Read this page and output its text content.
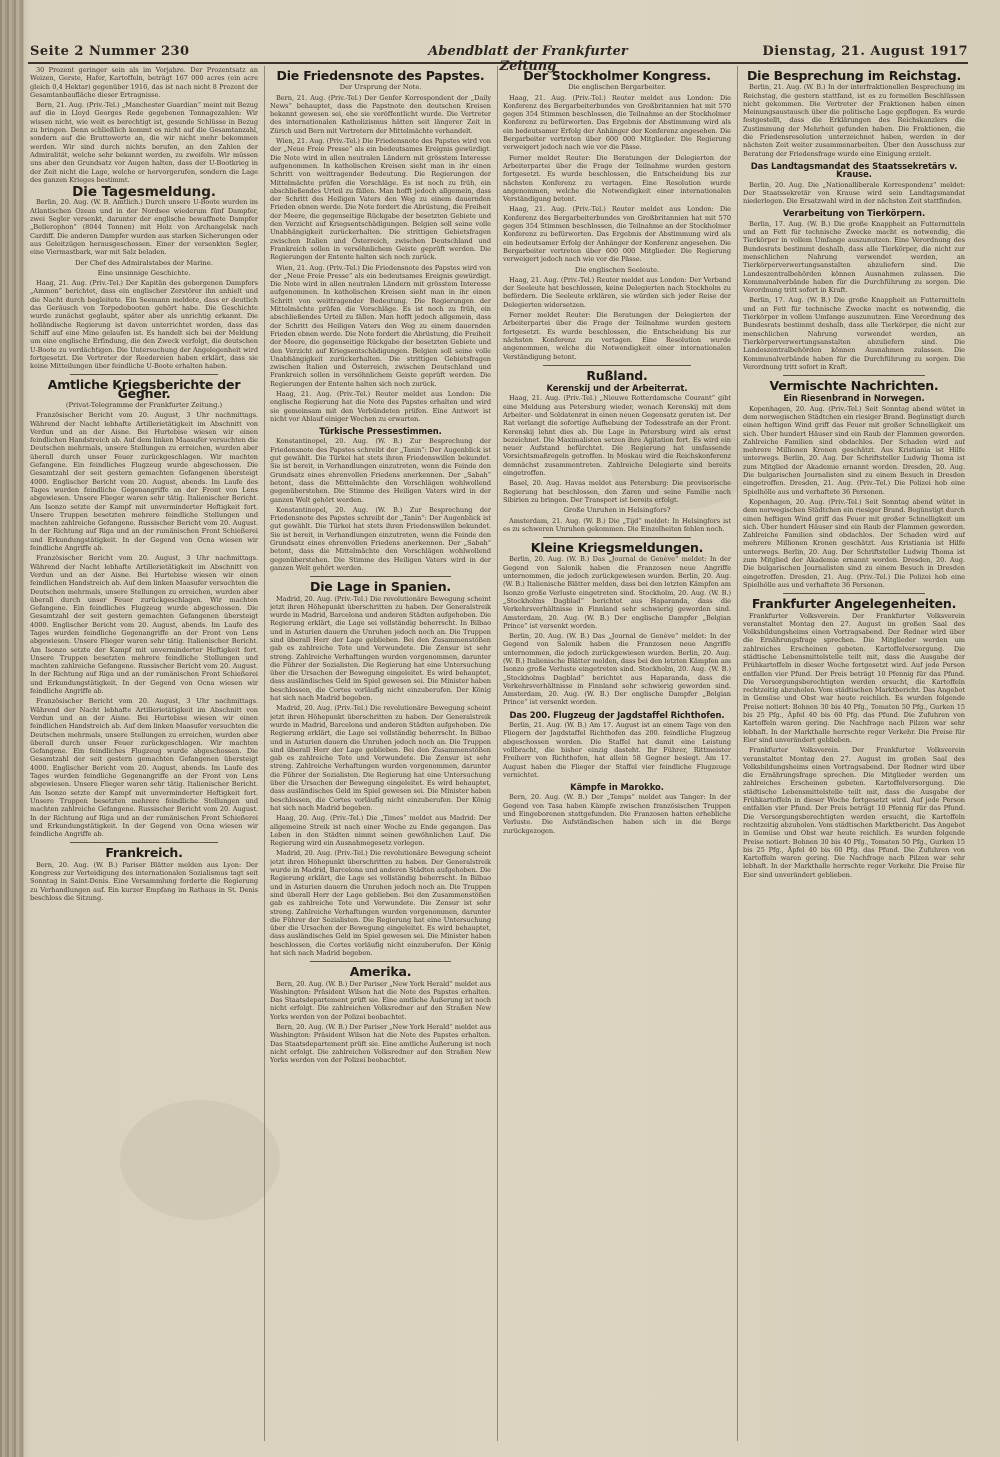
Seite 2 Nummer 230	Abendblatt der Frankfurter Zeitung
Dienstag, 21. August 1917

30 Prozent geringer sein als im Vorjahre. Der Prozentsatz an Weizen, Gerste, Hafer, Kartoffeln, beträgt 167 000 acres (ein acre gleich 0,4 Hektar) gegenüber 1916, das ist nach nicht 8 Prozent der Gesamtanbaufläche dieser Ertragnisse.

Bern, 21. Aug. (Priv.-Tel.) „Manchester Guardian“ meint mit Bezug auf die in Lloyd Georges Rede gegebenen Tonnagezahlen: Wir wissen nicht, wie weit es berechtigt ist, gesunde Schlüsse in Bezug zu bringen. Denn schließlich kommt es nicht auf die Gesamtanzahl, sondern auf die Bruttowerte an, die wir nicht mehr bekommen werden. Wir sind durch nichts berufen, an den Zahlen der Admiralität, welche sehr bekannt werden, zu zweifeln. Wir müssen uns aber den Grundsatz vor Augen halten, dass der U-Bootkrieg in der Zeit nicht die Lage, welche er hervorgerufen, sondern die Lage des ganzen Krieges bestimmt.

Die Tagesmeldung.

Berlin, 20. Aug. (W. B. Amtlich.) Durch unsere U-Boote wurden im Atlantischen Ozean und in der Nordsee wiederum fünf Dampfer, zwei Segler versenkt, darunter der englische bewaffnete Dampfer „Bellerophon“ (8044 Tonnen) mit Holz von Archangelsk nach Cardiff. Die anderen Dampfer wurden aus starken Sicherungen oder aus Geleitzügen herausgeschossen. Einer der versenkten Segler, eine Viermastbark, war mit Salz beladen.

Der Chef des Admiralstabes der Marine.
Eine unsinnige Geschichte.

Haag, 21. Aug. (Priv.-Tel.) Der Kapitän des geborgenen Dampfers „Ammon“ berichtet, dass ein englischer Zerstörer ihn anhielt und die Nacht durch begleitete. Ein Seemann meldete, dass er deutlich das Geräusch von Torpedobooten gehört habe. Die Geschichte wurde zunächst geglaubt, später aber als unrichtig erkannt. Die holländische Regierung ist davon unterrichtet worden, dass das Schiff auf eine Mine gelaufen ist. Es handelt sich bei der Meldung um eine englische Erfindung, die den Zweck verfolgt, die deutschen U-Boote zu verdächtigen. Die Untersuchung der Angelegenheit wird fortgesetzt. Die Vertreter der Reedereien haben erklärt, dass sie keine Mitteilungen über feindliche U-Boote erhalten haben.

Amtliche Kriegsberichte der Gegner.
(Privat-Telegramme der Frankfurter Zeitung.)

Französischer Bericht vom 20. August, 3 Uhr nachmittags. Während der Nacht lebhafte Artillerietätigkeit im Abschnitt von Verdun und an der Aisne. Bei Hurtebise wiesen wir einen feindlichen Handstreich ab. Auf dem linken Maasufer versuchten die Deutschen mehrmals, unsere Stellungen zu erreichen, wurden aber überall durch unser Feuer zurückgeschlagen. Wir machten Gefangene. Ein feindliches Flugzeug wurde abgeschossen. Die Gesamtzahl der seit gestern gemachten Gefangenen übersteigt 4000. Englischer Bericht vom 20. August, abends. Im Laufe des Tages wurden feindliche Gegenangriffe an der Front von Lens abgewiesen. Unsere Flieger waren sehr tätig. Italienischer Bericht. Am Isonzo setzte der Kampf mit unverminderter Heftigkeit fort. Unsere Truppen besetzten mehrere feindliche Stellungen und machten zahlreiche Gefangene. Russischer Bericht vom 20. August. In der Richtung auf Riga und an der rumänischen Front Schießerei und Erkundungstätigkeit. In der Gegend von Ocna wiesen wir feindliche Angriffe ab.

Französischer Bericht vom 20. August, 3 Uhr nachmittags. Während der Nacht lebhafte Artillerietätigkeit im Abschnitt von Verdun und an der Aisne. Bei Hurtebise wiesen wir einen feindlichen Handstreich ab. Auf dem linken Maasufer versuchten die Deutschen mehrmals, unsere Stellungen zu erreichen, wurden aber überall durch unser Feuer zurückgeschlagen. Wir machten Gefangene. Ein feindliches Flugzeug wurde abgeschossen. Die Gesamtzahl der seit gestern gemachten Gefangenen übersteigt 4000. Englischer Bericht vom 20. August, abends. Im Laufe des Tages wurden feindliche Gegenangriffe an der Front von Lens abgewiesen. Unsere Flieger waren sehr tätig. Italienischer Bericht. Am Isonzo setzte der Kampf mit unverminderter Heftigkeit fort. Unsere Truppen besetzten mehrere feindliche Stellungen und machten zahlreiche Gefangene. Russischer Bericht vom 20. August. In der Richtung auf Riga und an der rumänischen Front Schießerei und Erkundungstätigkeit. In der Gegend von Ocna wiesen wir feindliche Angriffe ab.

Französischer Bericht vom 20. August, 3 Uhr nachmittags. Während der Nacht lebhafte Artillerietätigkeit im Abschnitt von Verdun und an der Aisne. Bei Hurtebise wiesen wir einen feindlichen Handstreich ab. Auf dem linken Maasufer versuchten die Deutschen mehrmals, unsere Stellungen zu erreichen, wurden aber überall durch unser Feuer zurückgeschlagen. Wir machten Gefangene. Ein feindliches Flugzeug wurde abgeschossen. Die Gesamtzahl der seit gestern gemachten Gefangenen übersteigt 4000. Englischer Bericht vom 20. August, abends. Im Laufe des Tages wurden feindliche Gegenangriffe an der Front von Lens abgewiesen. Unsere Flieger waren sehr tätig. Italienischer Bericht. Am Isonzo setzte der Kampf mit unverminderter Heftigkeit fort. Unsere Truppen besetzten mehrere feindliche Stellungen und machten zahlreiche Gefangene. Russischer Bericht vom 20. August. In der Richtung auf Riga und an der rumänischen Front Schießerei und Erkundungstätigkeit. In der Gegend von Ocna wiesen wir feindliche Angriffe ab.

Frankreich.

Bern, 20. Aug. (W. B.) Pariser Blätter melden aus Lyon: Der Kongress zur Verteidigung des internationalen Sozialismus tagt seit Sonntag in Saint-Denis. Eine Versammlung forderte die Regierung zu Verhandlungen auf. Ein kurzer Empfang im Rathaus in St. Denis beschloss die Sitzung.

Die Friedensnote des Papstes.
Der Ursprung der Note.

Bern, 21. Aug. (Priv.-Tel.) Der Genfer Korrespondent der „Daily News“ behauptet, dass die Papstnote den deutschen Kreisen bekannt gewesen sei, ehe sie veröffentlicht wurde. Die Vertreter des internationalen Katholizismus hätten seit längerer Zeit in Zürich und Bern mit Vertretern der Mittelmächte verhandelt.

Wien, 21. Aug. (Priv.-Tel.) Die Friedensnote des Papstes wird von der „Neue Freie Presse“ als ein bedeutsames Ereignis gewürdigt. Die Note wird in allen neutralen Ländern mit grösstem Interesse aufgenommen. In katholischen Kreisen sieht man in ihr einen Schritt von weittragender Bedeutung. Die Regierungen der Mittelmächte prüfen die Vorschläge. Es ist noch zu früh, ein abschließendes Urteil zu fällen. Man hofft jedoch allgemein, dass der Schritt des Heiligen Vaters den Weg zu einem dauernden Frieden ebnen werde. Die Note fordert die Abrüstung, die Freiheit der Meere, die gegenseitige Rückgabe der besetzten Gebiete und den Verzicht auf Kriegsentschädigungen. Belgien soll seine volle Unabhängigkeit zurückerhalten. Die strittigen Gebietsfragen zwischen Italien und Österreich, zwischen Deutschland und Frankreich sollen in versöhnlichem Geiste geprüft werden. Die Regierungen der Entente halten sich noch zurück.

Wien, 21. Aug. (Priv.-Tel.) Die Friedensnote des Papstes wird von der „Neue Freie Presse“ als ein bedeutsames Ereignis gewürdigt. Die Note wird in allen neutralen Ländern mit grösstem Interesse aufgenommen. In katholischen Kreisen sieht man in ihr einen Schritt von weittragender Bedeutung. Die Regierungen der Mittelmächte prüfen die Vorschläge. Es ist noch zu früh, ein abschließendes Urteil zu fällen. Man hofft jedoch allgemein, dass der Schritt des Heiligen Vaters den Weg zu einem dauernden Frieden ebnen werde. Die Note fordert die Abrüstung, die Freiheit der Meere, die gegenseitige Rückgabe der besetzten Gebiete und den Verzicht auf Kriegsentschädigungen. Belgien soll seine volle Unabhängigkeit zurückerhalten. Die strittigen Gebietsfragen zwischen Italien und Österreich, zwischen Deutschland und Frankreich sollen in versöhnlichem Geiste geprüft werden. Die Regierungen der Entente halten sich noch zurück.

Haag, 21. Aug. (Priv.-Tel.) Reuter meldet aus London: Die englische Regierung hat die Note des Papstes erhalten und wird sie gemeinsam mit den Verbündeten prüfen. Eine Antwort ist nicht vor Ablauf einiger Wochen zu erwarten.

Türkische Pressestimmen.

Konstantinopel, 20. Aug. (W. B.) Zur Besprechung der Friedensnote des Papstes schreibt der „Tanin“: Der Augenblick ist gut gewählt. Die Türkei hat stets ihren Friedenswillen bekundet. Sie ist bereit, in Verhandlungen einzutreten, wenn die Feinde den Grundsatz eines ehrenvollen Friedens anerkennen. Der „Sabah“ betont, dass die Mittelmächte den Vorschlägen wohlwollend gegenüberstehen. Die Stimme des Heiligen Vaters wird in der ganzen Welt gehört werden.

Konstantinopel, 20. Aug. (W. B.) Zur Besprechung der Friedensnote des Papstes schreibt der „Tanin“: Der Augenblick ist gut gewählt. Die Türkei hat stets ihren Friedenswillen bekundet. Sie ist bereit, in Verhandlungen einzutreten, wenn die Feinde den Grundsatz eines ehrenvollen Friedens anerkennen. Der „Sabah“ betont, dass die Mittelmächte den Vorschlägen wohlwollend gegenüberstehen. Die Stimme des Heiligen Vaters wird in der ganzen Welt gehört werden.

Die Lage in Spanien.

Madrid, 20. Aug. (Priv.-Tel.) Die revolutionäre Bewegung scheint jetzt ihren Höhepunkt überschritten zu haben. Der Generalstreik wurde in Madrid, Barcelona und anderen Städten aufgehoben. Die Regierung erklärt, die Lage sei vollständig beherrscht. In Bilbao und in Asturien dauern die Unruhen jedoch noch an. Die Truppen sind überall Herr der Lage geblieben. Bei den Zusammenstößen gab es zahlreiche Tote und Verwundete. Die Zensur ist sehr streng. Zahlreiche Verhaftungen wurden vorgenommen, darunter die Führer der Sozialisten. Die Regierung hat eine Untersuchung über die Ursachen der Bewegung eingeleitet. Es wird behauptet, dass ausländisches Geld im Spiel gewesen sei. Die Minister haben beschlossen, die Cortes vorläufig nicht einzuberufen. Der König hat sich nach Madrid begeben.

Madrid, 20. Aug. (Priv.-Tel.) Die revolutionäre Bewegung scheint jetzt ihren Höhepunkt überschritten zu haben. Der Generalstreik wurde in Madrid, Barcelona und anderen Städten aufgehoben. Die Regierung erklärt, die Lage sei vollständig beherrscht. In Bilbao und in Asturien dauern die Unruhen jedoch noch an. Die Truppen sind überall Herr der Lage geblieben. Bei den Zusammenstößen gab es zahlreiche Tote und Verwundete. Die Zensur ist sehr streng. Zahlreiche Verhaftungen wurden vorgenommen, darunter die Führer der Sozialisten. Die Regierung hat eine Untersuchung über die Ursachen der Bewegung eingeleitet. Es wird behauptet, dass ausländisches Geld im Spiel gewesen sei. Die Minister haben beschlossen, die Cortes vorläufig nicht einzuberufen. Der König hat sich nach Madrid begeben.

Haag, 20. Aug. (Priv.-Tel.) Die „Times“ meldet aus Madrid: Der allgemeine Streik ist nach einer Woche zu Ende gegangen. Das Leben in den Städten nimmt seinen gewöhnlichen Lauf. Die Regierung wird ein Ausnahmegesetz vorlegen.

Madrid, 20. Aug. (Priv.-Tel.) Die revolutionäre Bewegung scheint jetzt ihren Höhepunkt überschritten zu haben. Der Generalstreik wurde in Madrid, Barcelona und anderen Städten aufgehoben. Die Regierung erklärt, die Lage sei vollständig beherrscht. In Bilbao und in Asturien dauern die Unruhen jedoch noch an. Die Truppen sind überall Herr der Lage geblieben. Bei den Zusammenstößen gab es zahlreiche Tote und Verwundete. Die Zensur ist sehr streng. Zahlreiche Verhaftungen wurden vorgenommen, darunter die Führer der Sozialisten. Die Regierung hat eine Untersuchung über die Ursachen der Bewegung eingeleitet. Es wird behauptet, dass ausländisches Geld im Spiel gewesen sei. Die Minister haben beschlossen, die Cortes vorläufig nicht einzuberufen. Der König hat sich nach Madrid begeben.

Amerika.

Bern, 20. Aug. (W. B.) Der Pariser „New York Herald“ meldet aus Washington: Präsident Wilson hat die Note des Papstes erhalten. Das Staatsdepartement prüft sie. Eine amtliche Äußerung ist noch nicht erfolgt. Die zahlreichen Volksredner auf den Straßen New Yorks werden von der Polizei beobachtet.

Bern, 20. Aug. (W. B.) Der Pariser „New York Herald“ meldet aus Washington: Präsident Wilson hat die Note des Papstes erhalten. Das Staatsdepartement prüft sie. Eine amtliche Äußerung ist noch nicht erfolgt. Die zahlreichen Volksredner auf den Straßen New Yorks werden von der Polizei beobachtet.

Der Stockholmer Kongress.
Die englischen Bergarbeiter.

Haag, 21. Aug. (Priv.-Tel.) Reuter meldet aus London: Die Konferenz des Bergarbeiterbundes von Großbritannien hat mit 570 gegen 354 Stimmen beschlossen, die Teilnahme an der Stockholmer Konferenz zu befürworten. Das Ergebnis der Abstimmung wird als ein bedeutsamer Erfolg der Anhänger der Konferenz angesehen. Die Bergarbeiter vertreten über 600 000 Mitglieder. Die Regierung verweigert jedoch nach wie vor die Pässe.

Ferner meldet Reuter: Die Beratungen der Delegierten der Arbeiterpartei über die Frage der Teilnahme wurden gestern fortgesetzt. Es wurde beschlossen, die Entscheidung bis zur nächsten Konferenz zu vertagen. Eine Resolution wurde angenommen, welche die Notwendigkeit einer internationalen Verständigung betont.

Haag, 21. Aug. (Priv.-Tel.) Reuter meldet aus London: Die Konferenz des Bergarbeiterbundes von Großbritannien hat mit 570 gegen 354 Stimmen beschlossen, die Teilnahme an der Stockholmer Konferenz zu befürworten. Das Ergebnis der Abstimmung wird als ein bedeutsamer Erfolg der Anhänger der Konferenz angesehen. Die Bergarbeiter vertreten über 600 000 Mitglieder. Die Regierung verweigert jedoch nach wie vor die Pässe.

Die englischen Seeleute.

Haag, 21. Aug. (Priv.-Tel.) Reuter meldet aus London: Der Verband der Seeleute hat beschlossen, keine Delegierten nach Stockholm zu befördern. Die Seeleute erklären, sie würden sich jeder Reise der Delegierten widersetzen.

Ferner meldet Reuter: Die Beratungen der Delegierten der Arbeiterpartei über die Frage der Teilnahme wurden gestern fortgesetzt. Es wurde beschlossen, die Entscheidung bis zur nächsten Konferenz zu vertagen. Eine Resolution wurde angenommen, welche die Notwendigkeit einer internationalen Verständigung betont.

Rußland.
Kerenskij und der Arbeiterrat.

Haag, 21. Aug. (Priv.-Tel.) „Nieuwe Rotterdamsche Courant“ gibt eine Meldung aus Petersburg wieder, wonach Kerenskij mit dem Arbeiter- und Soldatenrat in einen neuen Gegensatz geraten ist. Der Rat verlangt die sofortige Aufhebung der Todesstrafe an der Front. Kerenskij lehnt dies ab. Die Lage in Petersburg wird als ernst bezeichnet. Die Maximalisten setzen ihre Agitation fort. Es wird ein neuer Aufstand befürchtet. Die Regierung hat umfassende Vorsichtsmaßregeln getroffen. In Moskau wird die Reichskonferenz demnächst zusammentreten. Zahlreiche Delegierte sind bereits eingetroffen.

Basel, 20. Aug. Havas meldet aus Petersburg: Die provisorische Regierung hat beschlossen, den Zaren und seine Familie nach Sibirien zu bringen. Der Transport ist bereits erfolgt.

Große Unruhen in Helsingfors?

Amsterdam, 21. Aug. (W. B.) Die „Tijd“ meldet: In Helsingfors ist es zu schweren Unruhen gekommen. Die Einzelheiten fehlen noch.

Kleine Kriegsmeldungen.

Berlin, 20. Aug. (W. B.) Das „Journal de Genève“ meldet: In der Gegend von Salonik haben die Franzosen neue Angriffe unternommen, die jedoch zurückgewiesen wurden. Berlin, 20. Aug. (W. B.) Italienische Blätter melden, dass bei den letzten Kämpfen am Isonzo große Verluste eingetreten sind. Stockholm, 20. Aug. (W. B.) „Stockholms Dagblad“ berichtet aus Haparanda, dass die Verkehrsverhältnisse in Finnland sehr schwierig geworden sind. Amsterdam, 20. Aug. (W. B.) Der englische Dampfer „Belgian Prince“ ist versenkt worden.

Berlin, 20. Aug. (W. B.) Das „Journal de Genève“ meldet: In der Gegend von Salonik haben die Franzosen neue Angriffe unternommen, die jedoch zurückgewiesen wurden. Berlin, 20. Aug. (W. B.) Italienische Blätter melden, dass bei den letzten Kämpfen am Isonzo große Verluste eingetreten sind. Stockholm, 20. Aug. (W. B.) „Stockholms Dagblad“ berichtet aus Haparanda, dass die Verkehrsverhältnisse in Finnland sehr schwierig geworden sind. Amsterdam, 20. Aug. (W. B.) Der englische Dampfer „Belgian Prince“ ist versenkt worden.

Das 200. Flugzeug der Jagdstaffel Richthofen.

Berlin, 21. Aug. (W. B.) Am 17. August ist an einem Tage von den Fliegern der Jagdstaffel Richthofen das 200. feindliche Flugzeug abgeschossen worden. Die Staffel hat damit eine Leistung vollbracht, die bisher einzig dasteht. Ihr Führer, Rittmeister Freiherr von Richthofen, hat allein 58 Gegner besiegt. Am 17. August haben die Flieger der Staffel vier feindliche Flugzeuge vernichtet.

Kämpfe in Marokko.

Bern, 20. Aug. (W. B.) Der „Temps“ meldet aus Tanger: In der Gegend von Tasa haben Kämpfe zwischen französischen Truppen und Eingeborenen stattgefunden. Die Franzosen hatten erhebliche Verluste. Die Aufständischen haben sich in die Berge zurückgezogen.

Die Besprechung im Reichstag.

Berlin, 21. Aug. (W. B.) In der interfraktionellen Besprechung im Reichstag, die gestern stattfand, ist es zu formellen Beschlüssen nicht gekommen. Die Vertreter der Fraktionen haben einen Meinungsaustausch über die politische Lage gepflogen. Es wurde festgestellt, dass die Erklärungen des Reichskanzlers die Zustimmung der Mehrheit gefunden haben. Die Fraktionen, die die Friedensresolution unterzeichnet haben, werden in der nächsten Zeit weiter zusammenarbeiten. Über den Ausschuss zur Beratung der Friedensfrage wurde eine Einigung erzielt.

Das Landtagsmandat des Staatssekretärs v. Krause.

Berlin, 20. Aug. Die „Nationalliberale Korrespondenz“ meldet: Der Staatssekretär von Krause wird sein Landtagsmandat niederlegen. Die Ersatzwahl wird in der nächsten Zeit stattfinden.

Verarbeitung von Tierkörpern.

Berlin, 17. Aug. (W. B.) Die große Knappheit an Futtermitteln und an Fett für technische Zwecke macht es notwendig, die Tierkörper in vollem Umfange auszunutzen. Eine Verordnung des Bundesrats bestimmt deshalb, dass alle Tierkörper, die nicht zur menschlichen Nahrung verwendet werden, an Tierkörperverwertungsanstalten abzuliefern sind. Die Landeszentralbehörden können Ausnahmen zulassen. Die Kommunalverbände haben für die Durchführung zu sorgen. Die Verordnung tritt sofort in Kraft.

Berlin, 17. Aug. (W. B.) Die große Knappheit an Futtermitteln und an Fett für technische Zwecke macht es notwendig, die Tierkörper in vollem Umfange auszunutzen. Eine Verordnung des Bundesrats bestimmt deshalb, dass alle Tierkörper, die nicht zur menschlichen Nahrung verwendet werden, an Tierkörperverwertungsanstalten abzuliefern sind. Die Landeszentralbehörden können Ausnahmen zulassen. Die Kommunalverbände haben für die Durchführung zu sorgen. Die Verordnung tritt sofort in Kraft.

Vermischte Nachrichten.
Ein Riesenbrand in Norwegen.

Kopenhagen, 20. Aug. (Priv.-Tel.) Seit Sonntag abend wütet in dem norwegischen Städtchen ein riesiger Brand. Begünstigt durch einen heftigen Wind griff das Feuer mit großer Schnelligkeit um sich. Über hundert Häuser sind ein Raub der Flammen geworden. Zahlreiche Familien sind obdachlos. Der Schaden wird auf mehrere Millionen Kronen geschätzt. Aus Kristiania ist Hilfe unterwegs. Berlin, 20. Aug. Der Schriftsteller Ludwig Thoma ist zum Mitglied der Akademie ernannt worden. Dresden, 20. Aug. Die bulgarischen Journalisten sind zu einem Besuch in Dresden eingetroffen. Dresden, 21. Aug. (Priv.-Tel.) Die Polizei hob eine Spielhölle aus und verhaftete 36 Personen.

Kopenhagen, 20. Aug. (Priv.-Tel.) Seit Sonntag abend wütet in dem norwegischen Städtchen ein riesiger Brand. Begünstigt durch einen heftigen Wind griff das Feuer mit großer Schnelligkeit um sich. Über hundert Häuser sind ein Raub der Flammen geworden. Zahlreiche Familien sind obdachlos. Der Schaden wird auf mehrere Millionen Kronen geschätzt. Aus Kristiania ist Hilfe unterwegs. Berlin, 20. Aug. Der Schriftsteller Ludwig Thoma ist zum Mitglied der Akademie ernannt worden. Dresden, 20. Aug. Die bulgarischen Journalisten sind zu einem Besuch in Dresden eingetroffen. Dresden, 21. Aug. (Priv.-Tel.) Die Polizei hob eine Spielhölle aus und verhaftete 36 Personen.

Frankfurter Angelegenheiten.

Frankfurter Volksverein. Der Frankfurter Volksverein veranstaltet Montag den 27. August im großen Saal des Volksbildungsheims einen Vortragsabend. Der Redner wird über die Ernährungsfrage sprechen. Die Mitglieder werden um zahlreiches Erscheinen gebeten. Kartoffelversorgung. Die städtische Lebensmittelstelle teilt mit, dass die Ausgabe der Frühkartoffeln in dieser Woche fortgesetzt wird. Auf jede Person entfallen vier Pfund. Der Preis beträgt 10 Pfennig für das Pfund. Die Versorgungsberechtigten werden ersucht, die Kartoffeln rechtzeitig abzuholen. Vom städtischen Marktbericht. Das Angebot in Gemüse und Obst war heute reichlich. Es wurden folgende Preise notiert: Bohnen 30 bis 40 Pfg., Tomaten 50 Pfg., Gurken 15 bis 25 Pfg., Äpfel 40 bis 60 Pfg. das Pfund. Die Zufuhren von Kartoffeln waren gering. Die Nachfrage nach Pilzen war sehr lebhaft. In der Markthalle herrschte reger Verkehr. Die Preise für Eier sind unverändert geblieben.

Frankfurter Volksverein. Der Frankfurter Volksverein veranstaltet Montag den 27. August im großen Saal des Volksbildungsheims einen Vortragsabend. Der Redner wird über die Ernährungsfrage sprechen. Die Mitglieder werden um zahlreiches Erscheinen gebeten. Kartoffelversorgung. Die städtische Lebensmittelstelle teilt mit, dass die Ausgabe der Frühkartoffeln in dieser Woche fortgesetzt wird. Auf jede Person entfallen vier Pfund. Der Preis beträgt 10 Pfennig für das Pfund. Die Versorgungsberechtigten werden ersucht, die Kartoffeln rechtzeitig abzuholen. Vom städtischen Marktbericht. Das Angebot in Gemüse und Obst war heute reichlich. Es wurden folgende Preise notiert: Bohnen 30 bis 40 Pfg., Tomaten 50 Pfg., Gurken 15 bis 25 Pfg., Äpfel 40 bis 60 Pfg. das Pfund. Die Zufuhren von Kartoffeln waren gering. Die Nachfrage nach Pilzen war sehr lebhaft. In der Markthalle herrschte reger Verkehr. Die Preise für Eier sind unverändert geblieben.
